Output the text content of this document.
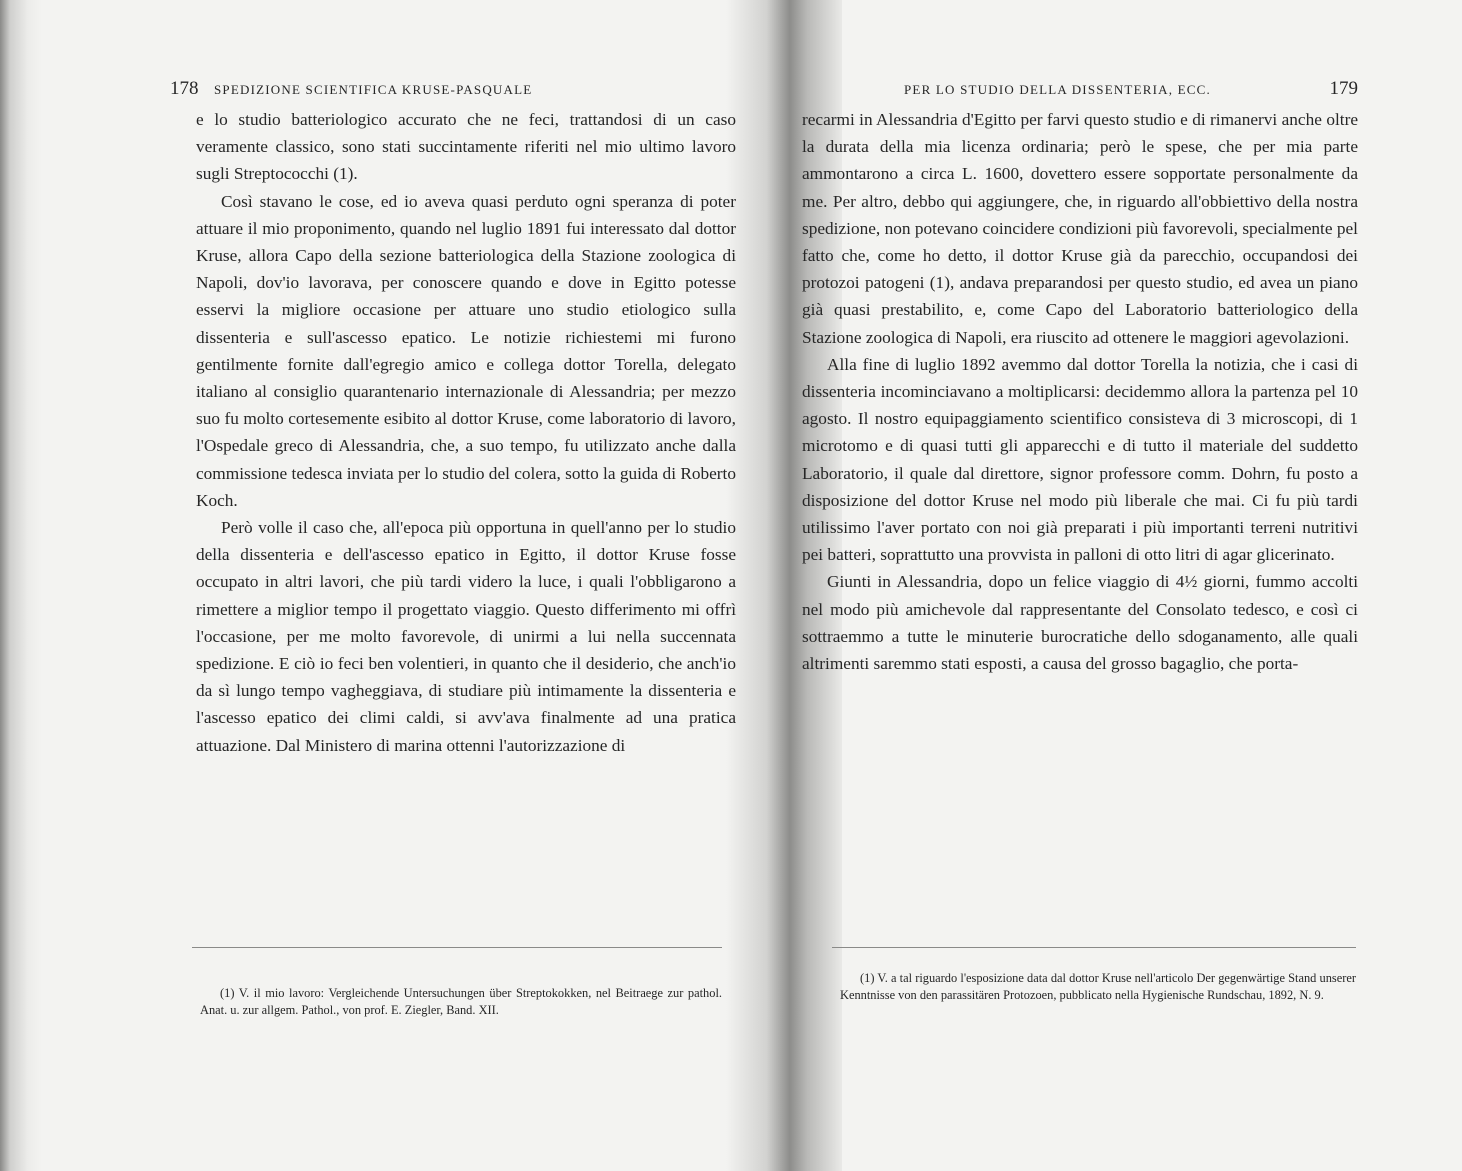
178 SPEDIZIONE SCIENTIFICA KRUSE-PASQUALE

e lo studio batteriologico accurato che ne feci, trattandosi di un caso veramente classico, sono stati succintamente riferiti nel mio ultimo lavoro sugli Streptococchi (1).

Così stavano le cose, ed io aveva quasi perduto ogni speranza di poter attuare il mio proponimento, quando nel luglio 1891 fui interessato dal dottor Kruse, allora Capo della sezione batteriologica della Stazione zoologica di Napoli, dov'io lavorava, per conoscere quando e dove in Egitto potesse esservi la migliore occasione per attuare uno studio etiologico sulla dissenteria e sull'ascesso epatico. Le notizie richiestemi mi furono gentilmente fornite dall'egregio amico e collega dottor Torella, delegato italiano al consiglio quarantenario internazionale di Alessandria; per mezzo suo fu molto cortesemente esibito al dottor Kruse, come laboratorio di lavoro, l'Ospedale greco di Alessandria, che, a suo tempo, fu utilizzato anche dalla commissione tedesca inviata per lo studio del colera, sotto la guida di Roberto Koch.

Però volle il caso che, all'epoca più opportuna in quell'anno per lo studio della dissenteria e dell'ascesso epatico in Egitto, il dottor Kruse fosse occupato in altri lavori, che più tardi videro la luce, i quali l'obbligarono a rimettere a miglior tempo il progettato viaggio. Questo differimento mi offrì l'occasione, per me molto favorevole, di unirmi a lui nella succennata spedizione. E ciò io feci ben volentieri, in quanto che il desiderio, che anch'io da sì lungo tempo vagheggiava, di studiare più intimamente la dissenteria e l'ascesso epatico dei climi caldi, si avv'ava finalmente ad una pratica attuazione. Dal Ministero di marina ottenni l'autorizzazione di

(1) V. il mio lavoro: Vergleichende Untersuchungen über Streptokokken, nel Beitraege zur pathol. Anat. u. zur allgem. Pathol., von prof. E. Ziegler, Band. XII.
PER LO STUDIO DELLA DISSENTERIA, ECC.	179

recarmi in Alessandria d'Egitto per farvi questo studio e di rimanervi anche oltre la durata della mia licenza ordinaria; però le spese, che per mia parte ammontarono a circa L. 1600, dovettero essere sopportate personalmente da me. Per altro, debbo qui aggiungere, che, in riguardo all'obbiettivo della nostra spedizione, non potevano coincidere condizioni più favorevoli, specialmente pel fatto che, come ho detto, il dottor Kruse già da parecchio, occupandosi dei protozoi patogeni (1), andava preparandosi per questo studio, ed avea un piano già quasi prestabilito, e, come Capo del Laboratorio batteriologico della Stazione zoologica di Napoli, era riuscito ad ottenere le maggiori agevolazioni.

Alla fine di luglio 1892 avemmo dal dottor Torella la notizia, che i casi di dissenteria incominciavano a moltiplicarsi: decidemmo allora la partenza pel 10 agosto. Il nostro equipaggiamento scientifico consisteva di 3 microscopi, di 1 microtomo e di quasi tutti gli apparecchi e di tutto il materiale del suddetto Laboratorio, il quale dal direttore, signor professore comm. Dohrn, fu posto a disposizione del dottor Kruse nel modo più liberale che mai. Ci fu più tardi utilissimo l'aver portato con noi già preparati i più importanti terreni nutritivi pei batteri, soprattutto una provvista in palloni di otto litri di agar glicerinato.

Giunti in Alessandria, dopo un felice viaggio di 4½ giorni, fummo accolti nel modo più amichevole dal rappresentante del Consolato tedesco, e così ci sottraemmo a tutte le minuterie burocratiche dello sdoganamento, alle quali altrimenti saremmo stati esposti, a causa del grosso bagaglio, che porta-

(1) V. a tal riguardo l'esposizione data dal dottor Kruse nell'articolo Der gegenwärtige Stand unserer Kenntnisse von den parassitären Protozoen, pubblicato nella Hygienische Rundschau, 1892, N. 9.
